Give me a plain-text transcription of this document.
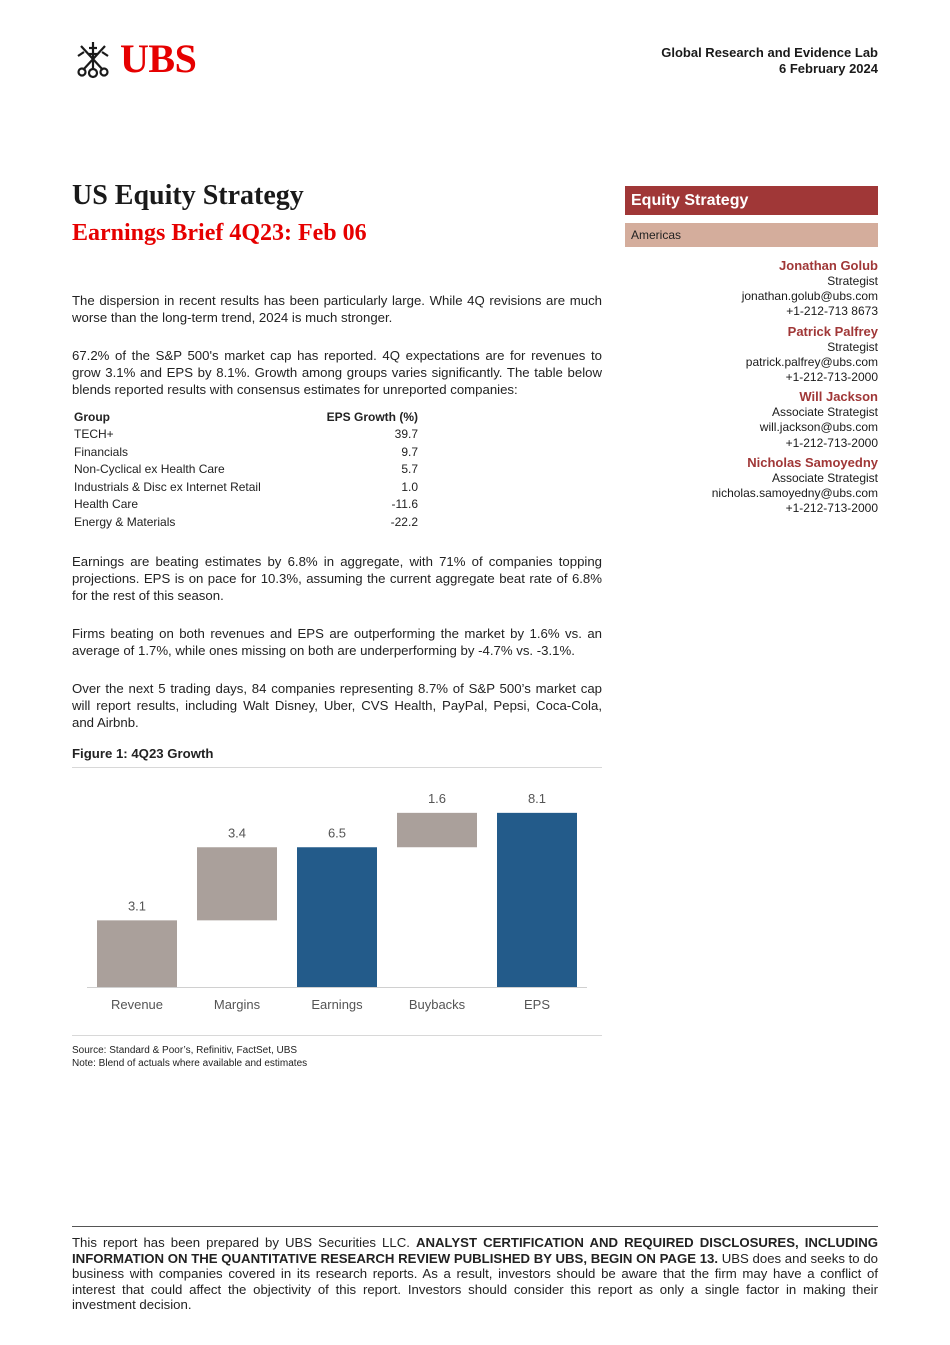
UBS	Global Research and Evidence Lab
6 February 2024
US Equity Strategy
Earnings Brief 4Q23: Feb 06

The dispersion in recent results has been particularly large. While 4Q revisions are much worse than the long-term trend, 2024 is much stronger.

67.2% of the S&P 500's market cap has reported. 4Q expectations are for revenues to grow 3.1% and EPS by 8.1%. Growth among groups varies significantly. The table below blends reported results with consensus estimates for unreported companies:

Group	EPS Growth (%)
TECH+	39.7
Financials	9.7
Non-Cyclical ex Health Care	5.7
Industrials & Disc ex Internet Retail	1.0
Health Care	-11.6
Energy & Materials	-22.2

Earnings are beating estimates by 6.8% in aggregate, with 71% of companies topping projections. EPS is on pace for 10.3%, assuming the current aggregate beat rate of 6.8% for the rest of this season.

Firms beating on both revenues and EPS are outperforming the market by 1.6% vs. an average of 1.7%, while ones missing on both are underperforming by -4.7% vs. -3.1%.

Over the next 5 trading days, 84 companies representing 8.7% of S&P 500’s market cap will report results, including Walt Disney, Uber, CVS Health, PayPal, Pepsi, Coca-Cola, and Airbnb.

Figure 1: 4Q23 Growth
3.1
Revenue
3.4
Margins
6.5
Earnings
1.6
Buybacks
8.1
EPS
Source: Standard & Poor’s, Refinitiv, FactSet, UBS
Note: Blend of actuals where available and estimates
Equity Strategy
Americas
Jonathan Golub
Strategist
jonathan.golub@ubs.com
+1-212-713 8673
Patrick Palfrey
Strategist
patrick.palfrey@ubs.com
+1-212-713-2000
Will Jackson
Associate Strategist
will.jackson@ubs.com
+1-212-713-2000
Nicholas Samoyedny
Associate Strategist
nicholas.samoyedny@ubs.com
+1-212-713-2000
This report has been prepared by UBS Securities LLC. ANALYST CERTIFICATION AND REQUIRED DISCLOSURES, INCLUDING INFORMATION ON THE QUANTITATIVE RESEARCH REVIEW PUBLISHED BY UBS, BEGIN ON PAGE 13. UBS does and seeks to do business with companies covered in its research reports. As a result, investors should be aware that the firm may have a conflict of interest that could affect the objectivity of this report. Investors should consider this report as only a single factor in making their investment decision.
